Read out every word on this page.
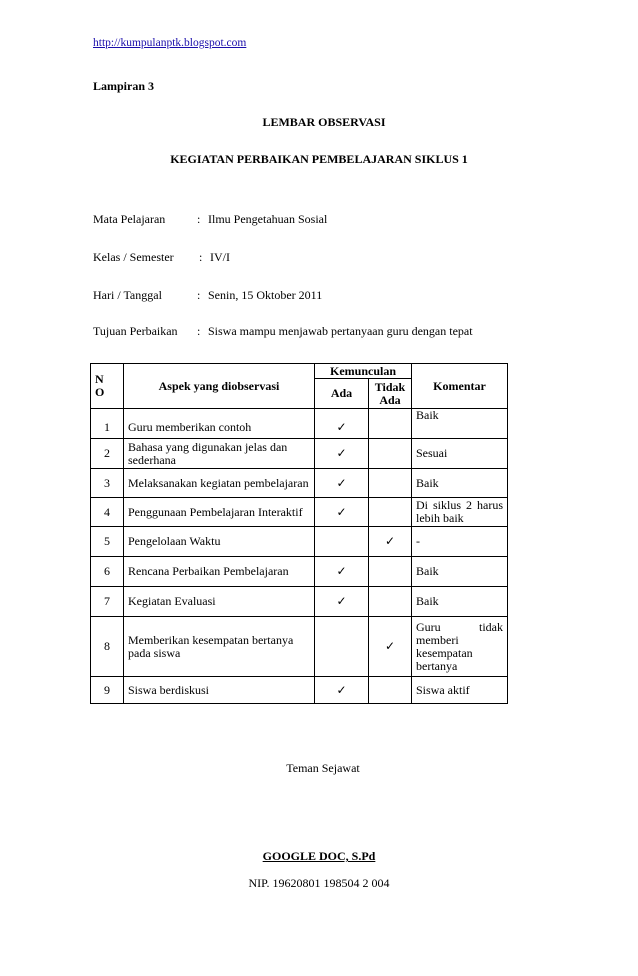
http://kumpulanptk.blogspot.com
Lampiran 3
LEMBAR OBSERVASI
KEGIATAN PERBAIKAN PEMBELAJARAN SIKLUS 1
Mata Pelajaran	: Ilmu Pengetahuan Sosial
Kelas / Semester : IV/I
Hari / Tanggal	: Senin, 15 Oktober 2011
Tujuan Perbaikan : Siswa mampu menjawab pertanyaan guru dengan tepat
N
O	Aspek yang diobservasi	Kemunculan		Komentar
		Ada	Tidak
Ada	
1	Guru memberikan contoh	✓		Baik
2	Bahasa yang digunakan jelas dan sederhana	✓		Sesuai
3	Melaksanakan kegiatan pembelajaran	✓		Baik
4	Penggunaan Pembelajaran Interaktif	✓		Di siklus 2 harus lebih baik
5	Pengelolaan Waktu		✓	-
6	Rencana Perbaikan Pembelajaran	✓		Baik
7	Kegiatan Evaluasi	✓		Baik
8	Memberikan kesempatan bertanya pada siswa		✓	Guru tidak memberi kesempatan bertanya
9	Siswa berdiskusi	✓		Siswa aktif
Teman Sejawat
GOOGLE DOC, S.Pd
NIP. 19620801 198504 2 004
